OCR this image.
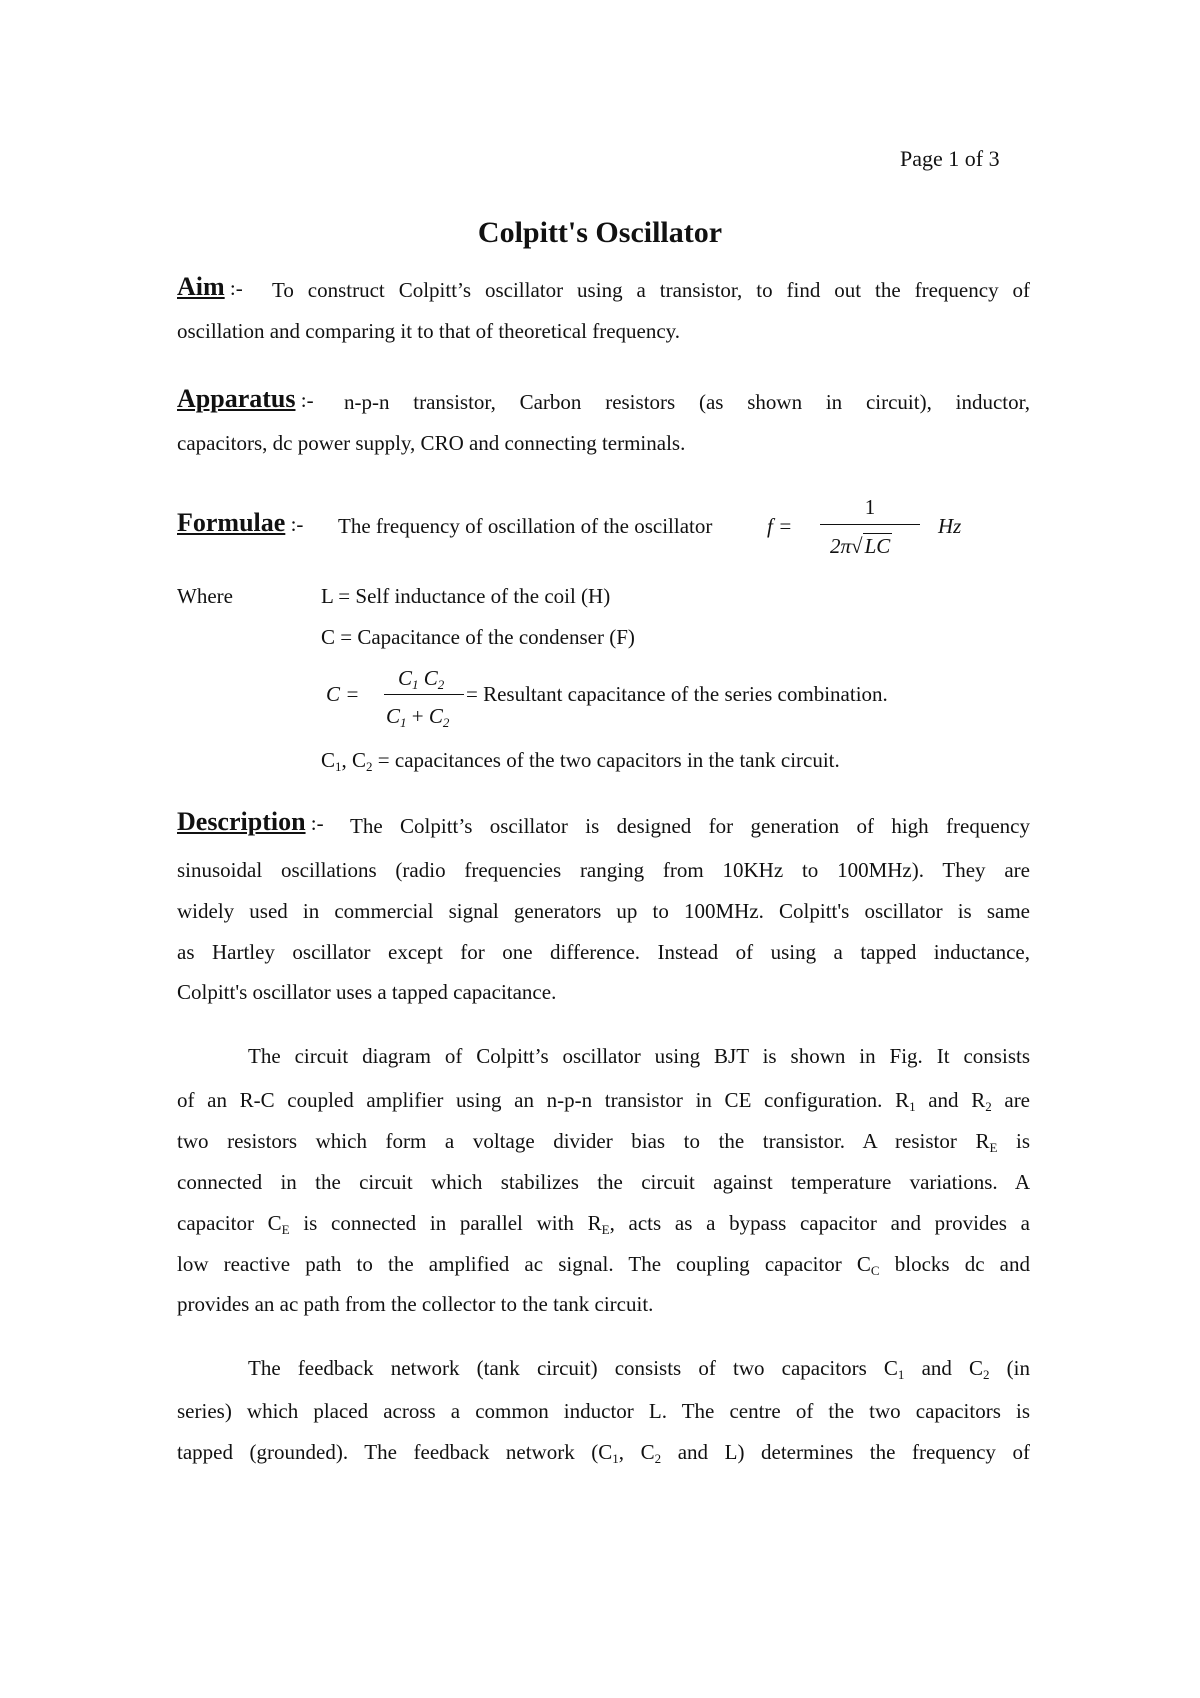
Page 1 of 3
Colpitt's Oscillator
Aim :- To construct Colpitt’s oscillator using a transistor, to find out the frequency of
oscillation and comparing it to that of theoretical frequency.
Apparatus :- n-p-n transistor, Carbon resistors (as shown in circuit), inductor,
capacitors, dc power supply, CRO and connecting terminals.
Formulae :- The frequency of oscillation of the oscillator	f =
1
2π√LC
Hz
Where	L = Self inductance of the coil (H)
C = Capacitance of the condenser (F)
C =
$C_1$ $C_2$
$C_1 + C_2$
= Resultant capacitance of the series combination.
$C_1$, $C_2$ = capacitances of the two capacitors in the tank circuit.
Description :- The Colpitt’s oscillator is designed for generation of high frequency
sinusoidal oscillations (radio frequencies ranging from 10KHz to 100MHz). They are
widely used in commercial signal generators up to 100MHz. Colpitt's oscillator is same
as Hartley oscillator except for one difference. Instead of using a tapped inductance,
Colpitt's oscillator uses a tapped capacitance.
The circuit diagram of Colpitt’s oscillator using BJT is shown in Fig. It consists
of an R-C coupled amplifier using an n-p-n transistor in CE configuration. $R_1$ and $R_2$ are
two resistors which form a voltage divider bias to the transistor. A resistor $R_E$ is
connected in the circuit which stabilizes the circuit against temperature variations. A
capacitor $C_E$ is connected in parallel with $R_E$, acts as a bypass capacitor and provides a
low reactive path to the amplified ac signal. The coupling capacitor $C_C$ blocks dc and
provides an ac path from the collector to the tank circuit.
The feedback network (tank circuit) consists of two capacitors $C_1$ and $C_2$ (in
series) which placed across a common inductor L. The centre of the two capacitors is
tapped (grounded). The feedback network ($C_1$, $C_2$ and L) determines the frequency of
